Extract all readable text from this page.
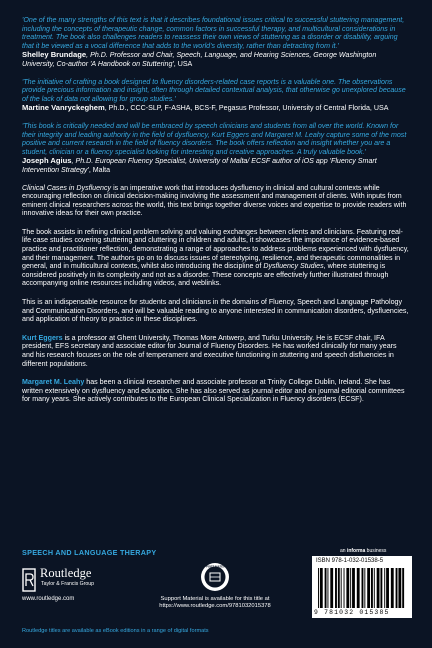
'One of the many strengths of this text is that it describes foundational issues critical to successful stuttering management, including the concepts of therapeutic change, common factors in successful therapy, and multicultural considerations in treatment. The book also challenges readers to reassess their own views of stuttering as a disorder or disability, arguing that it be viewed as a vocal difference that adds to the world's diversity, rather than detracting from it.'

Shelley Brundage, Ph.D. Professor and Chair, Speech, Language, and Hearing Sciences, George Washington University, Co-author 'A Handbook on Stuttering', USA

'The initiative of crafting a book designed to fluency disorders-related case reports is a valuable one. The observations provide precious information and insight, often through detailed contextual analysis, that otherwise go unexplored because of the lack of data not allowing for group studies.'

Martine Vanryckeghem, Ph.D., CCC-SLP, F-ASHA, BCS-F, Pegasus Professor, University of Central Florida, USA

'This book is critically needed and will be embraced by speech clinicians and students from all over the world. Known for their integrity and leading authority in the field of dysfluency, Kurt Eggers and Margaret M. Leahy capture some of the most positive and current research in the field of fluency disorders. The book offers reflection and insight whether you are a student, clinician or a fluency specialist looking for interesting and creative approaches. A truly valuable book.'

Joseph Agius, Ph.D. European Fluency Specialist, University of Malta/ ECSF author of iOS app 'Fluency Smart Intervention Strategy', Malta

Clinical Cases in Dysfluency is an imperative work that introduces dysfluency in clinical and cultural contexts while encouraging reflection on clinical decision-making involving the assessment and management of clients. With inputs from eminent clinical researchers across the world, this text brings together diverse voices and expertise to provide readers with innovative ideas for their own practice.

The book assists in refining clinical problem solving and valuing exchanges between clients and clinicians. Featuring real-life case studies covering stuttering and cluttering in children and adults, it showcases the importance of evidence-based practice and practitioner reflection, demonstrating a range of approaches to address problems experienced with dysfluency, and their management. The authors go on to discuss issues of stereotyping, resilience, and therapeutic commonalities in general, and in multicultural contexts, whilst also introducing the discipline of Dysfluency Studies, where stuttering is considered positively in its complexity and not as a disorder. These concepts are effectively further illustrated through accompanying online resources including videos, and weblinks.

This is an indispensable resource for students and clinicians in the domains of Fluency, Speech and Language Pathology and Communication Disorders, and will be valuable reading to anyone interested in communication disorders, dysfluencies, and application of theory to practice in these disciplines.

Kurt Eggers is a professor at Ghent University, Thomas More Antwerp, and Turku University. He is ECSF chair, IFA president, EFS secretary and associate editor for Journal of Fluency Disorders. He has worked clinically for many years and his research focuses on the role of temperament and executive functioning in stuttering and speech disfluencies in different populations.

Margaret M. Leahy has been a clinical researcher and associate professor at Trinity College Dublin, Ireland. She has written extensively on dysfluency and education. She has also served as journal editor and on journal editorial committees for many years. She actively contributes to the European Clinical Specialization in Fluency disorders (ECSF).

SPEECH AND LANGUAGE THERAPY	an informa business
Routledge
Taylor & Francis Group
www.routledge.com
SUPPORT MATERIAL
Support Material is available for this title at
https://www.routledge.com/9781032015378
ISBN 978-1-032-01538-5
9 781032 015385
Routledge titles are available as eBook editions in a range of digital formats
